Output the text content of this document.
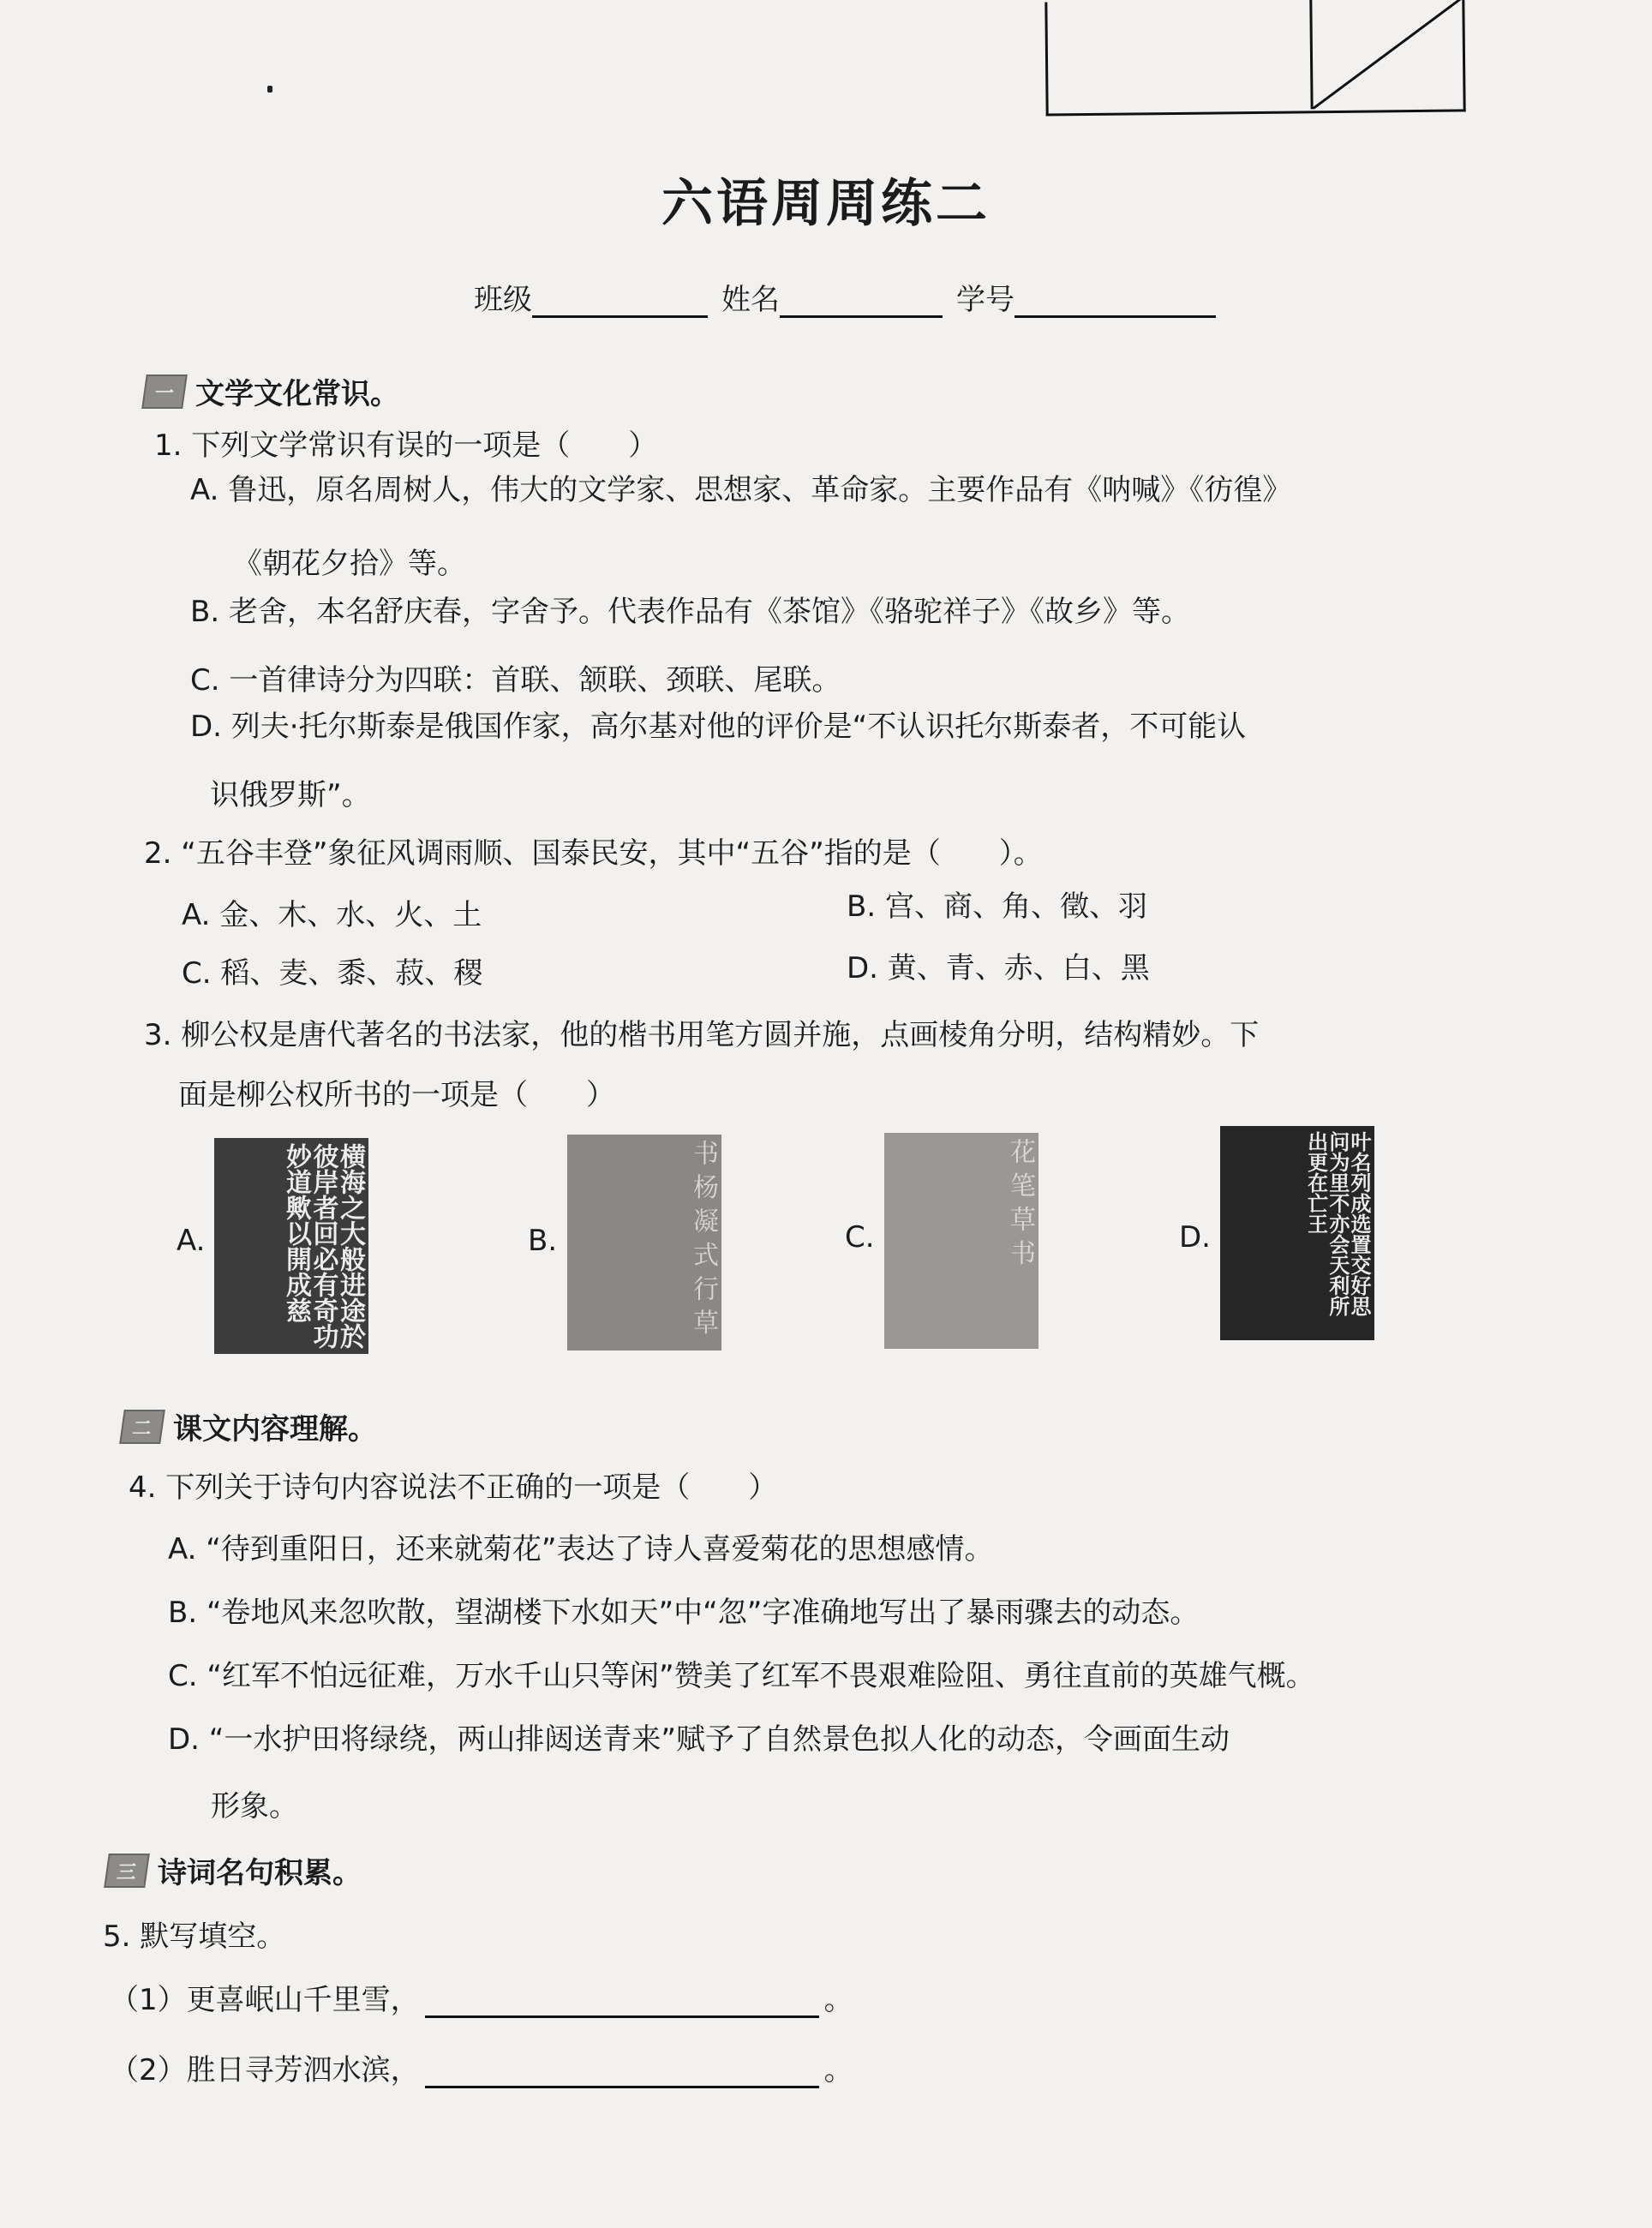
六语周周练二
班级	姓名	学号
一 文学文化常识。
1. 下列文学常识有误的一项是（　　）
A. 鲁迅，原名周树人，伟大的文学家、思想家、革命家。主要作品有《呐喊》《彷徨》
《朝花夕拾》等。
B. 老舍，本名舒庆春，字舍予。代表作品有《茶馆》《骆驼祥子》《故乡》等。
C. 一首律诗分为四联：首联、颔联、颈联、尾联。
D. 列夫·托尔斯泰是俄国作家，高尔基对他的评价是“不认识托尔斯泰者，不可能认
识俄罗斯”。
2. “五谷丰登”象征风调雨顺、国泰民安，其中“五谷”指的是（　　）。
A. 金、木、水、火、土	B. 宫、商、角、徵、羽
C. 稻、麦、黍、菽、稷	D. 黄、青、赤、白、黑
3. 柳公权是唐代著名的书法家，他的楷书用笔方圆并施，点画棱角分明，结构精妙。下
面是柳公权所书的一项是（　　）
A.	横海之大般进途於彼岸者回必有奇功妙道歟以開成慈	B.	书 杨 凝 式 行 草	C.	花 笔 草 书	D.	叶名列成选置交好思问为里不亦会天利所出更在亡王
二 课文内容理解。
4. 下列关于诗句内容说法不正确的一项是（　　）
A. “待到重阳日，还来就菊花”表达了诗人喜爱菊花的思想感情。
B. “卷地风来忽吹散，望湖楼下水如天”中“忽”字准确地写出了暴雨骤去的动态。
C. “红军不怕远征难，万水千山只等闲”赞美了红军不畏艰难险阻、勇往直前的英雄气概。
D. “一水护田将绿绕，两山排闼送青来”赋予了自然景色拟人化的动态，令画面生动
形象。
三 诗词名句积累。
5. 默写填空。
（1）更喜岷山千里雪，	。
（2）胜日寻芳泗水滨，	。
